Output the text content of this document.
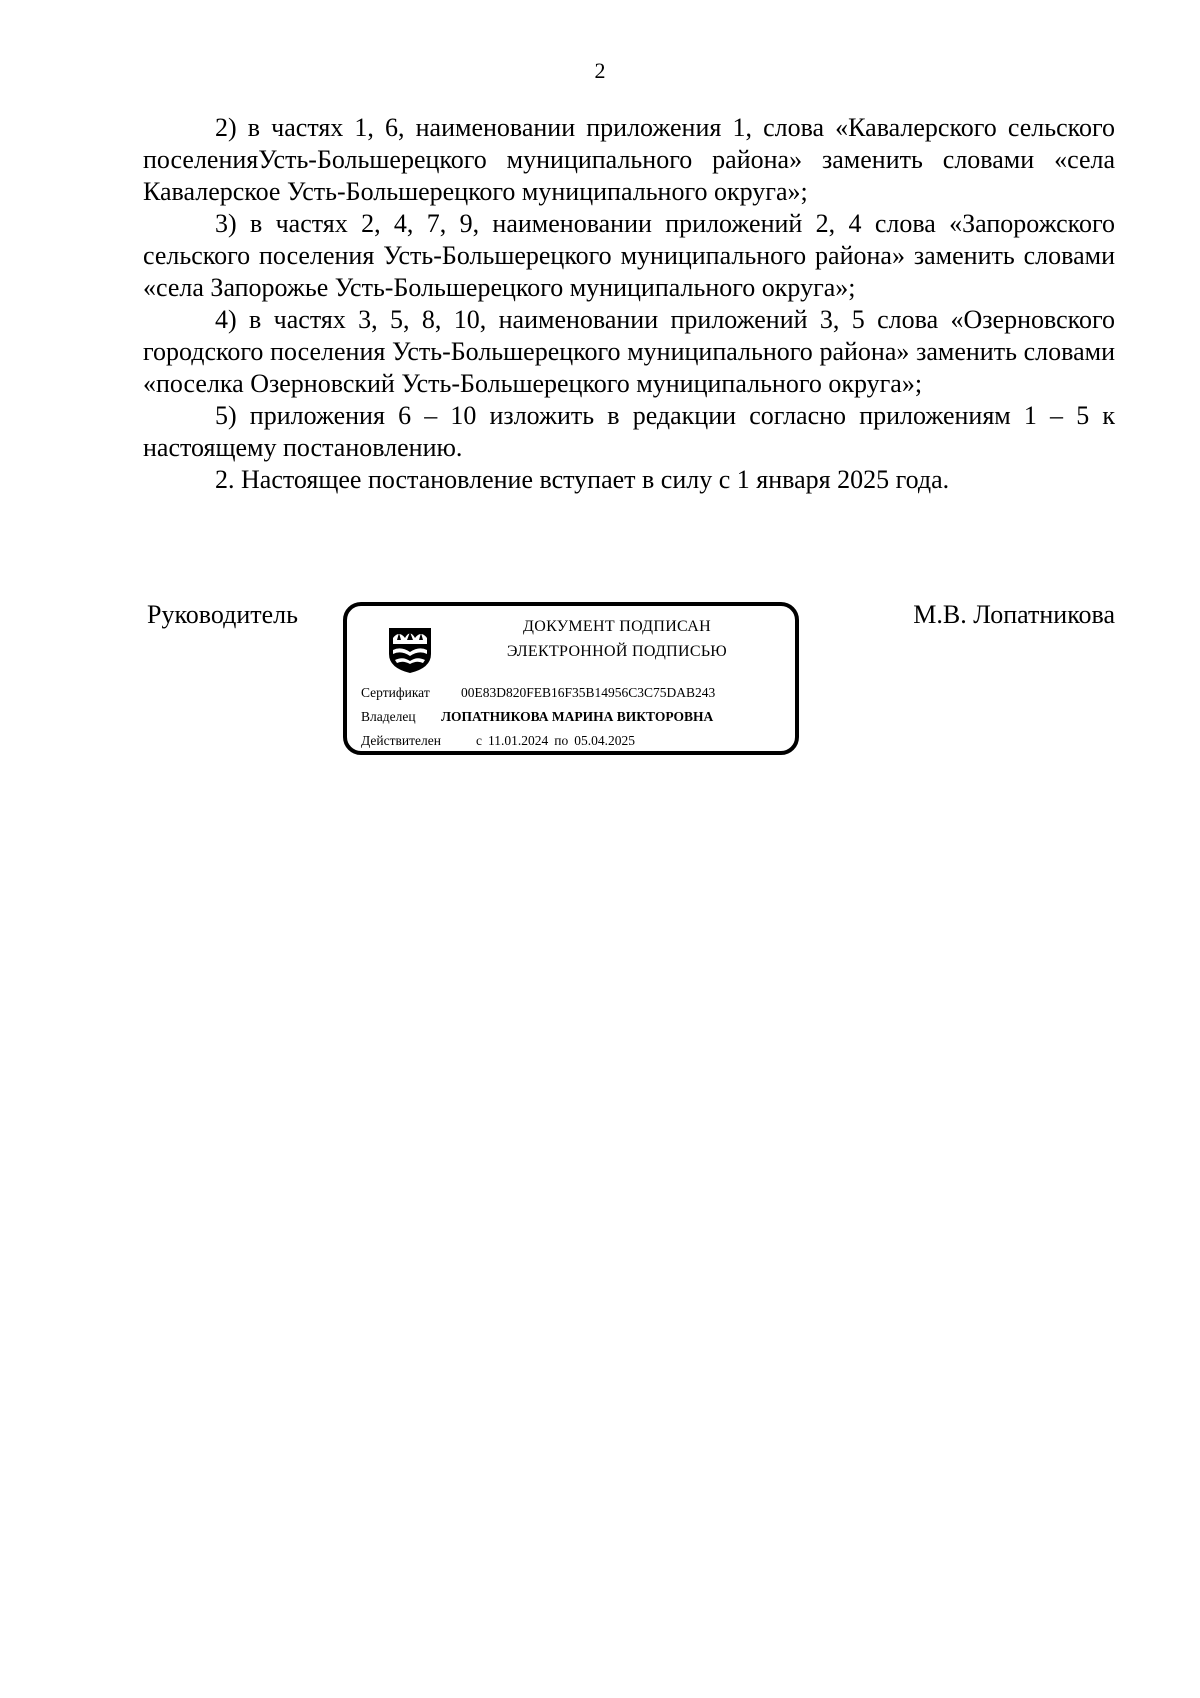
2

2) в частях 1, 6, наименовании приложения 1, слова «Кавалерского сельского поселенияУсть-Большерецкого муниципального района» заменить словами «села Кавалерское Усть-Большерецкого муниципального округа»;

3) в частях 2, 4, 7, 9, наименовании приложений 2, 4 слова «Запорожского сельского поселения Усть-Большерецкого муниципального района» заменить словами «села Запорожье Усть-Большерецкого муниципального округа»;

4) в частях 3, 5, 8, 10, наименовании приложений 3, 5 слова «Озерновского городского поселения Усть-Большерецкого муниципального района» заменить словами «поселка Озерновский Усть-Большерецкого муниципального округа»;

5) приложения 6 – 10 изложить в редакции согласно приложениям 1 – 5 к настоящему постановлению.

2. Настоящее постановление вступает в силу с 1 января 2025 года.

Руководитель	ДОКУМЕНТ ПОДПИСАН
ЭЛЕКТРОННОЙ ПОДПИСЬЮ
Сертификат 00E83D820FEB16F35B14956C3C75DAB243
Владелец ЛОПАТНИКОВА МАРИНА ВИКТОРОВНА
Действителен	с 11.01.2024 по 05.04.2025
М.В. Лопатникова
